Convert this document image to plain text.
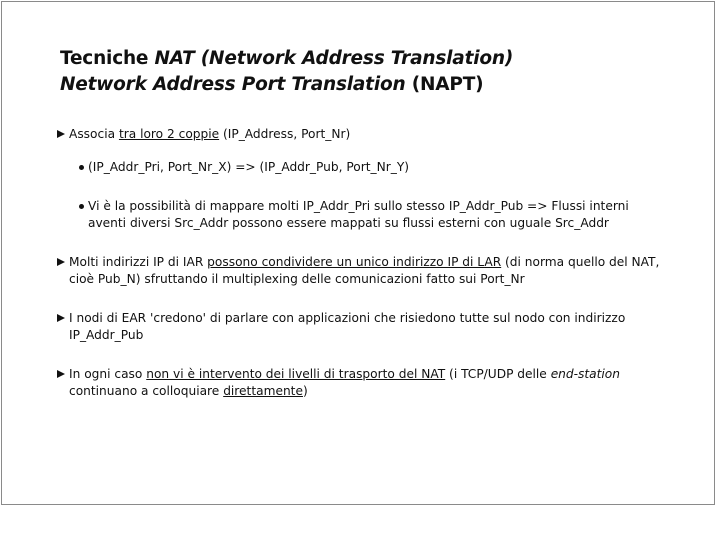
Tecniche NAT (Network Address Translation)
Network Address Port Translation (NAPT)
Associa tra loro 2 coppie (IP_Address, Port_Nr)
(IP_Addr_Pri, Port_Nr_X) => (IP_Addr_Pub, Port_Nr_Y)
Vi è la possibilità di mappare molti IP_Addr_Pri sullo stesso IP_Addr_Pub => Flussi interni aventi diversi Src_Addr possono essere mappati su flussi esterni con uguale Src_Addr
Molti indirizzi IP di IAR possono condividere un unico indirizzo IP di LAR (di norma quello del NAT, cioè Pub_N) sfruttando il multiplexing delle comunicazioni fatto sui Port_Nr
I nodi di EAR 'credono' di parlare con applicazioni che risiedono tutte sul nodo con indirizzo IP_Addr_Pub
In ogni caso non vi è intervento dei livelli di trasporto del NAT (i TCP/UDP delle end-station continuano a colloquiare direttamente)
